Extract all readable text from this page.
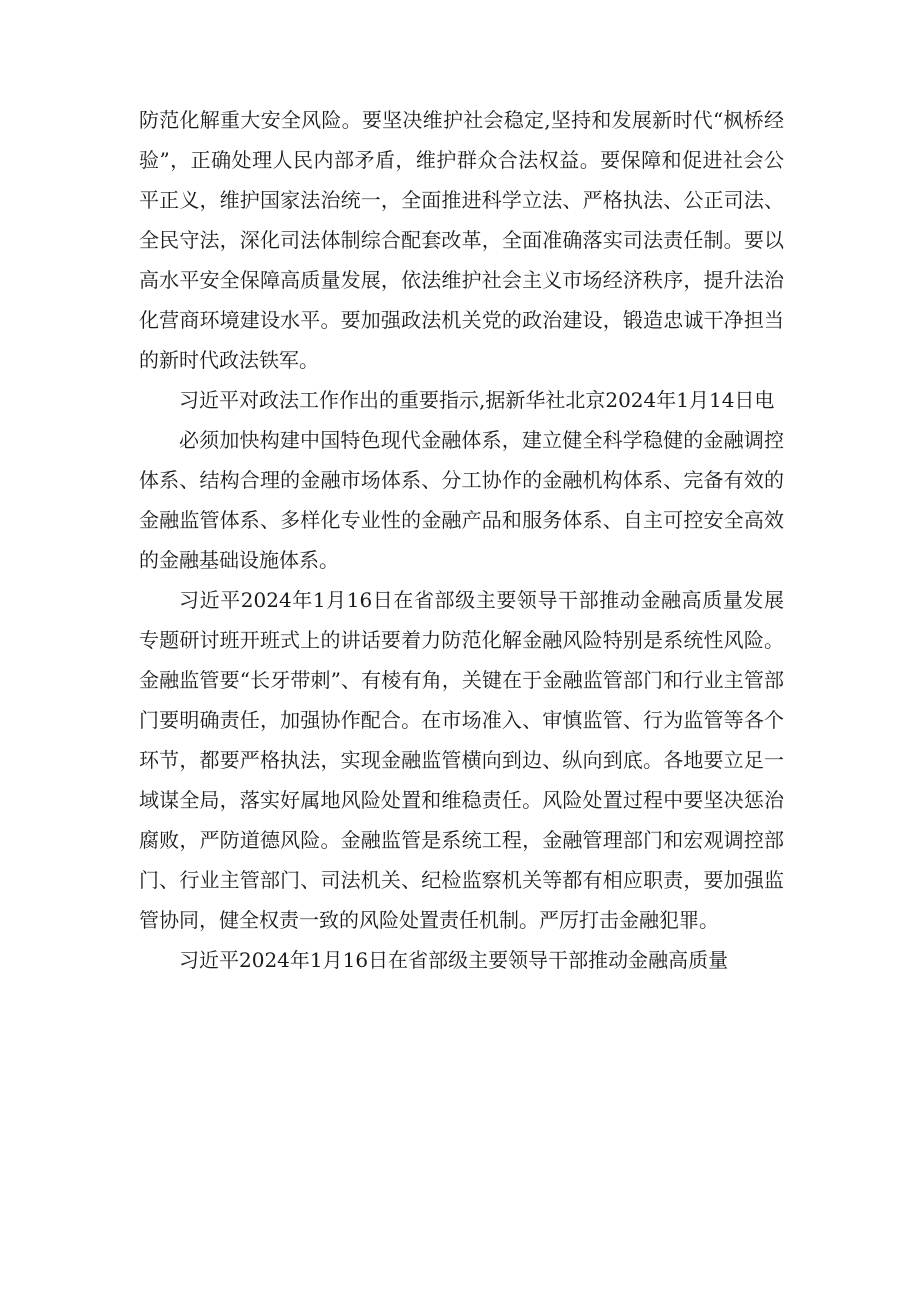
防范化解重大安全风险。要坚决维护社会稳定,坚持和发展新时代“枫桥经验”，正确处理人民内部矛盾，维护群众合法权益。要保障和促进社会公平正义，维护国家法治统一，全面推进科学立法、严格执法、公正司法、全民守法，深化司法体制综合配套改革，全面准确落实司法责任制。要以高水平安全保障高质量发展，依法维护社会主义市场经济秩序，提升法治化营商环境建设水平。要加强政法机关党的政治建设，锻造忠诚干净担当的新时代政法铁军。

习近平对政法工作作出的重要指示,据新华社北京2024年1月14日电

必须加快构建中国特色现代金融体系，建立健全科学稳健的金融调控体系、结构合理的金融市场体系、分工协作的金融机构体系、完备有效的金融监管体系、多样化专业性的金融产品和服务体系、自主可控安全高效的金融基础设施体系。

习近平2024年1月16日在省部级主要领导干部推动金融高质量发展专题研讨班开班式上的讲话要着力防范化解金融风险特别是系统性风险。金融监管要“长牙带刺”、有棱有角，关键在于金融监管部门和行业主管部门要明确责任，加强协作配合。在市场准入、审慎监管、行为监管等各个环节，都要严格执法，实现金融监管横向到边、纵向到底。各地要立足一域谋全局，落实好属地风险处置和维稳责任。风险处置过程中要坚决惩治腐败，严防道德风险。金融监管是系统工程，金融管理部门和宏观调控部门、行业主管部门、司法机关、纪检监察机关等都有相应职责，要加强监管协同，健全权责一致的风险处置责任机制。严厉打击金融犯罪。

习近平2024年1月16日在省部级主要领导干部推动金融高质量
